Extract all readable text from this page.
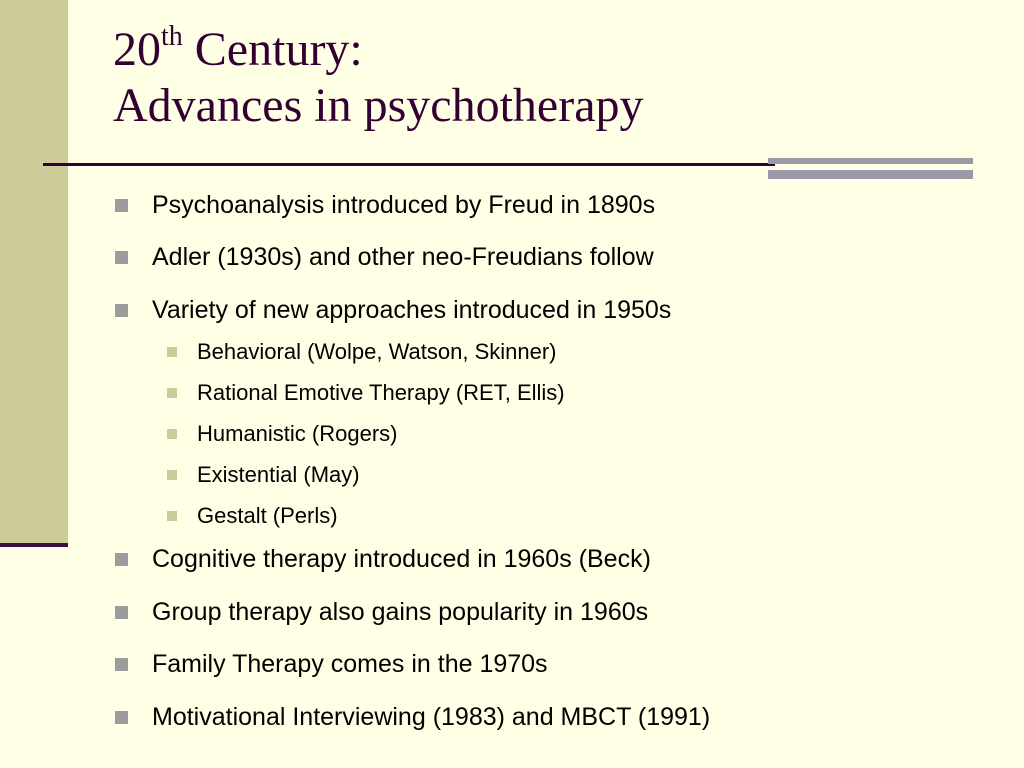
20th Century:
Advances in psychotherapy
Psychoanalysis introduced by Freud in 1890s
Adler (1930s) and other neo-Freudians follow
Variety of new approaches introduced in 1950s
Behavioral (Wolpe, Watson, Skinner)
Rational Emotive Therapy (RET, Ellis)
Humanistic (Rogers)
Existential (May)
Gestalt (Perls)
Cognitive therapy introduced in 1960s (Beck)
Group therapy also gains popularity in 1960s
Family Therapy comes in the 1970s
Motivational Interviewing (1983) and MBCT (1991)
